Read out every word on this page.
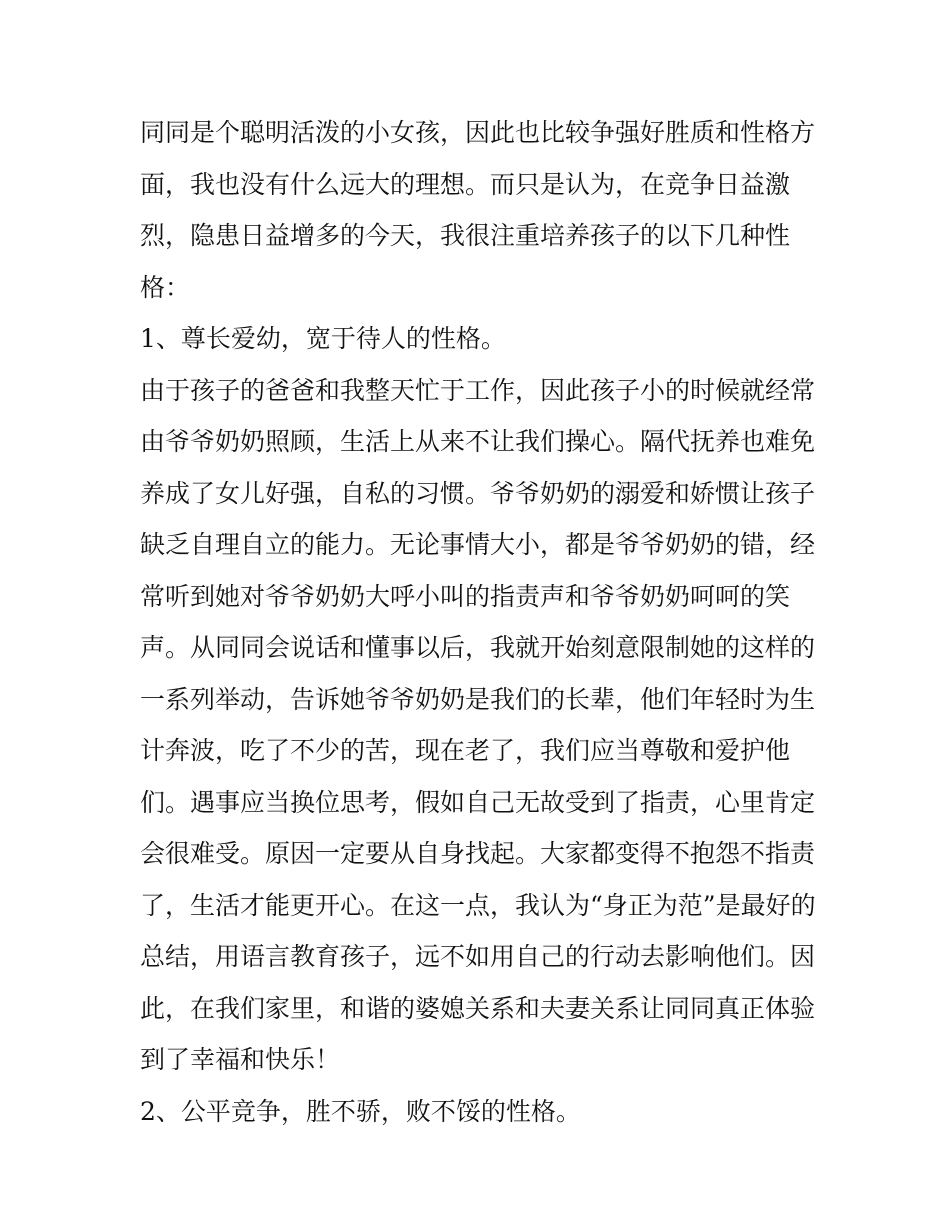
同同是个聪明活泼的小女孩，因此也比较争强好胜质和性格方
面，我也没有什么远大的理想。而只是认为，在竞争日益激
烈，隐患日益增多的今天，我很注重培养孩子的以下几种性
格：
1、尊长爱幼，宽于待人的性格。
由于孩子的爸爸和我整天忙于工作，因此孩子小的时候就经常
由爷爷奶奶照顾，生活上从来不让我们操心。隔代抚养也难免
养成了女儿好强，自私的习惯。爷爷奶奶的溺爱和娇惯让孩子
缺乏自理自立的能力。无论事情大小，都是爷爷奶奶的错，经
常听到她对爷爷奶奶大呼小叫的指责声和爷爷奶奶呵呵的笑
声。从同同会说话和懂事以后，我就开始刻意限制她的这样的
一系列举动，告诉她爷爷奶奶是我们的长辈，他们年轻时为生
计奔波，吃了不少的苦，现在老了，我们应当尊敬和爱护他
们。遇事应当换位思考，假如自己无故受到了指责，心里肯定
会很难受。原因一定要从自身找起。大家都变得不抱怨不指责
了，生活才能更开心。在这一点，我认为“身正为范”是最好的
总结，用语言教育孩子，远不如用自己的行动去影响他们。因
此，在我们家里，和谐的婆媳关系和夫妻关系让同同真正体验
到了幸福和快乐！
2、公平竞争，胜不骄，败不馁的性格。
